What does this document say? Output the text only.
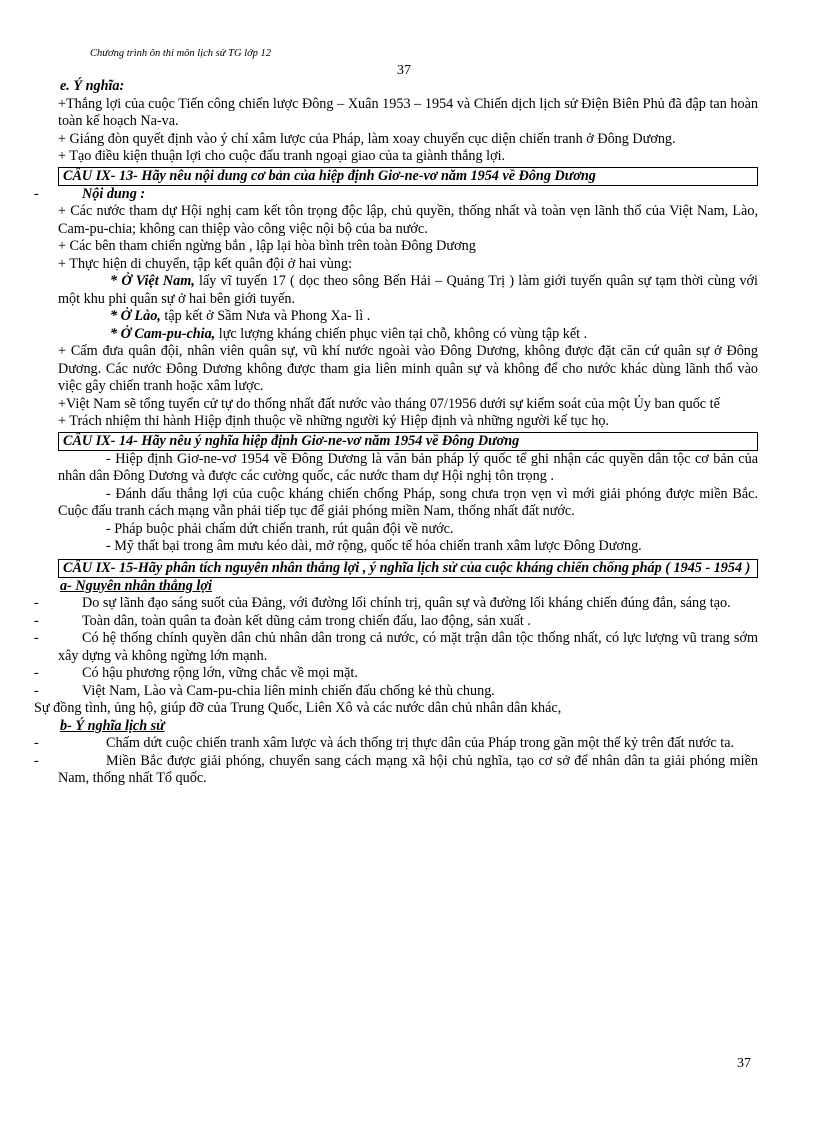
Chương trình ôn thi môn lịch sử TG lớp 12
37

e. Ý nghĩa:

+Thắng lợi của cuộc Tiến công chiến lược Đông – Xuân 1953 – 1954 và Chiến dịch lịch sử Điện Biên Phủ đã đập tan hoàn toàn kế hoạch Na-va.

+ Giáng đòn quyết định vào ý chí xâm lược của Pháp, làm xoay chuyển cục diện chiến tranh ở Đông Dương.

+ Tạo điều kiện thuận lợi cho cuộc đấu tranh ngoại giao của ta giành thắng lợi.

CÂU IX- 13- Hãy nêu nội dung cơ bản của hiệp định Giơ-ne-vơ năm 1954 về Đông Dương

-	Nội dung :

+ Các nước tham dự Hội nghị cam kết tôn trọng độc lập, chủ quyền, thống nhất và toàn vẹn lãnh thổ của Việt Nam, Lào, Cam-pu-chia; không can thiệp vào công việc nội bộ của ba nước.

+ Các bên tham chiến ngừng bắn , lập lại hòa bình trên toàn Đông Dương

+ Thực hiện di chuyển, tập kết quân đội ở hai vùng:

* Ở Việt Nam, lấy vĩ tuyến 17 ( dọc theo sông Bến Hải – Quảng Trị ) làm giới tuyến quân sự tạm thời cùng với một khu phi quân sự ở hai bên giới tuyến.

* Ở Lào, tập kết ở Sầm Nưa và Phong Xa- lì .

* Ở Cam-pu-chia, lực lượng kháng chiến phục viên tại chỗ, không có vùng tập kết .

+ Cấm đưa quân đội, nhân viên quân sự, vũ khí nước ngoài vào Đông Dương, không được đặt căn cứ quân sự ở Đông Dương. Các nước Đông Dương không được tham gia liên minh quân sự và không để cho nước khác dùng lãnh thổ vào việc gây chiến tranh hoặc xâm lược.

+Việt Nam sẽ tổng tuyển cử tự do thống nhất đất nước vào tháng 07/1956 dưới sự kiểm soát của một Ủy ban quốc tế

+ Trách nhiệm thi hành Hiệp định thuộc về những người ký Hiệp định và những người kế tục họ.

CÂU IX- 14- Hãy nêu ý nghĩa hiệp định Giơ-ne-vơ năm 1954 về Đông Dương

- Hiệp định Giơ-ne-vơ 1954 về Đông Dương là văn bản pháp lý quốc tế ghi nhận các quyền dân tộc cơ bản của nhân dân Đông Dương và được các cường quốc, các nước tham dự Hội nghị tôn trọng .

- Đánh dấu thắng lợi của cuộc kháng chiến chống Pháp, song chưa trọn vẹn vì mới giải phóng được miền Bắc. Cuộc đấu tranh cách mạng vẫn phải tiếp tục để giải phóng miền Nam, thống nhất đất nước.

- Pháp buộc phải chấm dứt chiến tranh, rút quân đội về nước.

- Mỹ thất bại trong âm mưu kéo dài, mở rộng, quốc tế hóa chiến tranh xâm lược Đông Dương.

CÂU IX- 15-Hãy phân tích nguyên nhân thắng lợi , ý nghĩa lịch sử của cuộc kháng chiến chống pháp ( 1945 - 1954 )

a- Nguyên nhân thắng lợi

-	Do sự lãnh đạo sáng suốt của Đảng, với đường lối chính trị, quân sự và đường lối kháng chiến đúng đắn, sáng tạo.

-	Toàn dân, toàn quân ta đoàn kết dũng cảm trong chiến đấu, lao động, sản xuất .

-	Có hệ thống chính quyền dân chủ nhân dân trong cả nước, có mặt trận dân tộc thống nhất, có lực lượng vũ trang sớm xây dựng và không ngừng lớn mạnh.

-	Có hậu phương rộng lớn, vững chắc về mọi mặt.

-	Việt Nam, Lào và Cam-pu-chia liên minh chiến đấu chống kẻ thù chung.

Sự đồng tình, ủng hộ, giúp đỡ của Trung Quốc, Liên Xô và các nước dân chủ nhân dân khác,

b- Ý nghĩa lịch sử

-	Chấm dứt cuộc chiến tranh xâm lược và ách thống trị thực dân của Pháp trong gần một thế kỷ trên đất nước ta.

-	Miền Bắc được giải phóng, chuyển sang cách mạng xã hội chủ nghĩa, tạo cơ sở để nhân dân ta giải phóng miền Nam, thống nhất Tổ quốc.

37
